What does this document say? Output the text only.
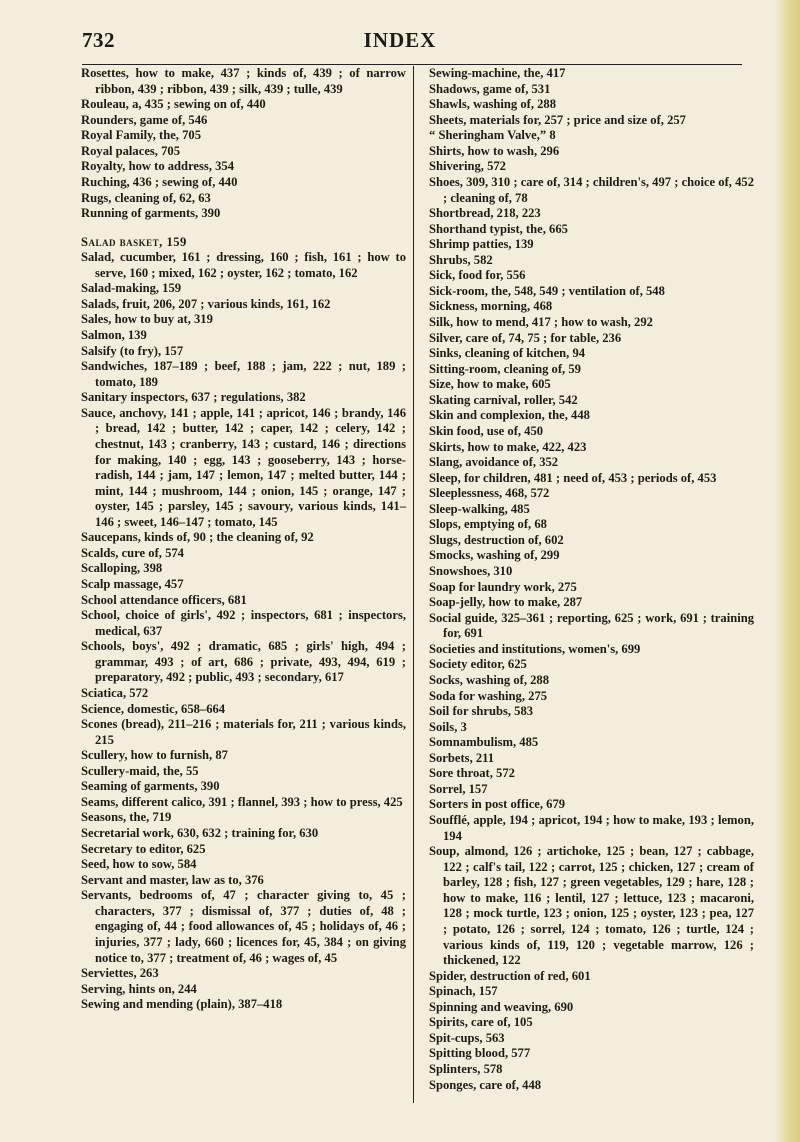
732	INDEX
Rosettes, how to make, 437 ; kinds of, 439 ; of narrow ribbon, 439 ; ribbon, 439 ; silk, 439 ; tulle, 439
Rouleau, a, 435 ; sewing on of, 440
Rounders, game of, 546
Royal Family, the, 705
Royal palaces, 705
Royalty, how to address, 354
Ruching, 436 ; sewing of, 440
Rugs, cleaning of, 62, 63
Running of garments, 390
Salad basket, 159
Salad, cucumber, 161 ; dressing, 160 ; fish, 161 ; how to serve, 160 ; mixed, 162 ; oyster, 162 ; tomato, 162
Salad-making, 159
Salads, fruit, 206, 207 ; various kinds, 161, 162
Sales, how to buy at, 319
Salmon, 139
Salsify (to fry), 157
Sandwiches, 187–189 ; beef, 188 ; jam, 222 ; nut, 189 ; tomato, 189
Sanitary inspectors, 637 ; regulations, 382
Sauce, anchovy, 141 ; apple, 141 ; apricot, 146 ; brandy, 146 ; bread, 142 ; butter, 142 ; caper, 142 ; celery, 142 ; chestnut, 143 ; cranberry, 143 ; custard, 146 ; directions for making, 140 ; egg, 143 ; gooseberry, 143 ; horse-radish, 144 ; jam, 147 ; lemon, 147 ; melted butter, 144 ; mint, 144 ; mushroom, 144 ; onion, 145 ; orange, 147 ; oyster, 145 ; parsley, 145 ; savoury, various kinds, 141–146 ; sweet, 146–147 ; tomato, 145
Saucepans, kinds of, 90 ; the cleaning of, 92
Scalds, cure of, 574
Scalloping, 398
Scalp massage, 457
School attendance officers, 681
School, choice of girls', 492 ; inspectors, 681 ; inspectors, medical, 637
Schools, boys', 492 ; dramatic, 685 ; girls' high, 494 ; grammar, 493 ; of art, 686 ; private, 493, 494, 619 ; preparatory, 492 ; public, 493 ; secondary, 617
Sciatica, 572
Science, domestic, 658–664
Scones (bread), 211–216 ; materials for, 211 ; various kinds, 215
Scullery, how to furnish, 87
Scullery-maid, the, 55
Seaming of garments, 390
Seams, different calico, 391 ; flannel, 393 ; how to press, 425
Seasons, the, 719
Secretarial work, 630, 632 ; training for, 630
Secretary to editor, 625
Seed, how to sow, 584
Servant and master, law as to, 376
Servants, bedrooms of, 47 ; character giving to, 45 ; characters, 377 ; dismissal of, 377 ; duties of, 48 ; engaging of, 44 ; food allowances of, 45 ; holidays of, 46 ; injuries, 377 ; lady, 660 ; licences for, 45, 384 ; on giving notice to, 377 ; treatment of, 46 ; wages of, 45
Serviettes, 263
Serving, hints on, 244
Sewing and mending (plain), 387–418
Sewing-machine, the, 417
Shadows, game of, 531
Shawls, washing of, 288
Sheets, materials for, 257 ; price and size of, 257
“ Sheringham Valve,” 8
Shirts, how to wash, 296
Shivering, 572
Shoes, 309, 310 ; care of, 314 ; children's, 497 ; choice of, 452 ; cleaning of, 78
Shortbread, 218, 223
Shorthand typist, the, 665
Shrimp patties, 139
Shrubs, 582
Sick, food for, 556
Sick-room, the, 548, 549 ; ventilation of, 548
Sickness, morning, 468
Silk, how to mend, 417 ; how to wash, 292
Silver, care of, 74, 75 ; for table, 236
Sinks, cleaning of kitchen, 94
Sitting-room, cleaning of, 59
Size, how to make, 605
Skating carnival, roller, 542
Skin and complexion, the, 448
Skin food, use of, 450
Skirts, how to make, 422, 423
Slang, avoidance of, 352
Sleep, for children, 481 ; need of, 453 ; periods of, 453
Sleeplessness, 468, 572
Sleep-walking, 485
Slops, emptying of, 68
Slugs, destruction of, 602
Smocks, washing of, 299
Snowshoes, 310
Soap for laundry work, 275
Soap-jelly, how to make, 287
Social guide, 325–361 ; reporting, 625 ; work, 691 ; training for, 691
Societies and institutions, women's, 699
Society editor, 625
Socks, washing of, 288
Soda for washing, 275
Soil for shrubs, 583
Soils, 3
Somnambulism, 485
Sorbets, 211
Sore throat, 572
Sorrel, 157
Sorters in post office, 679
Soufflé, apple, 194 ; apricot, 194 ; how to make, 193 ; lemon, 194
Soup, almond, 126 ; artichoke, 125 ; bean, 127 ; cabbage, 122 ; calf's tail, 122 ; carrot, 125 ; chicken, 127 ; cream of barley, 128 ; fish, 127 ; green vegetables, 129 ; hare, 128 ; how to make, 116 ; lentil, 127 ; lettuce, 123 ; macaroni, 128 ; mock turtle, 123 ; onion, 125 ; oyster, 123 ; pea, 127 ; potato, 126 ; sorrel, 124 ; tomato, 126 ; turtle, 124 ; various kinds of, 119, 120 ; vegetable marrow, 126 ; thickened, 122
Spider, destruction of red, 601
Spinach, 157
Spinning and weaving, 690
Spirits, care of, 105
Spit-cups, 563
Spitting blood, 577
Splinters, 578
Sponges, care of, 448
